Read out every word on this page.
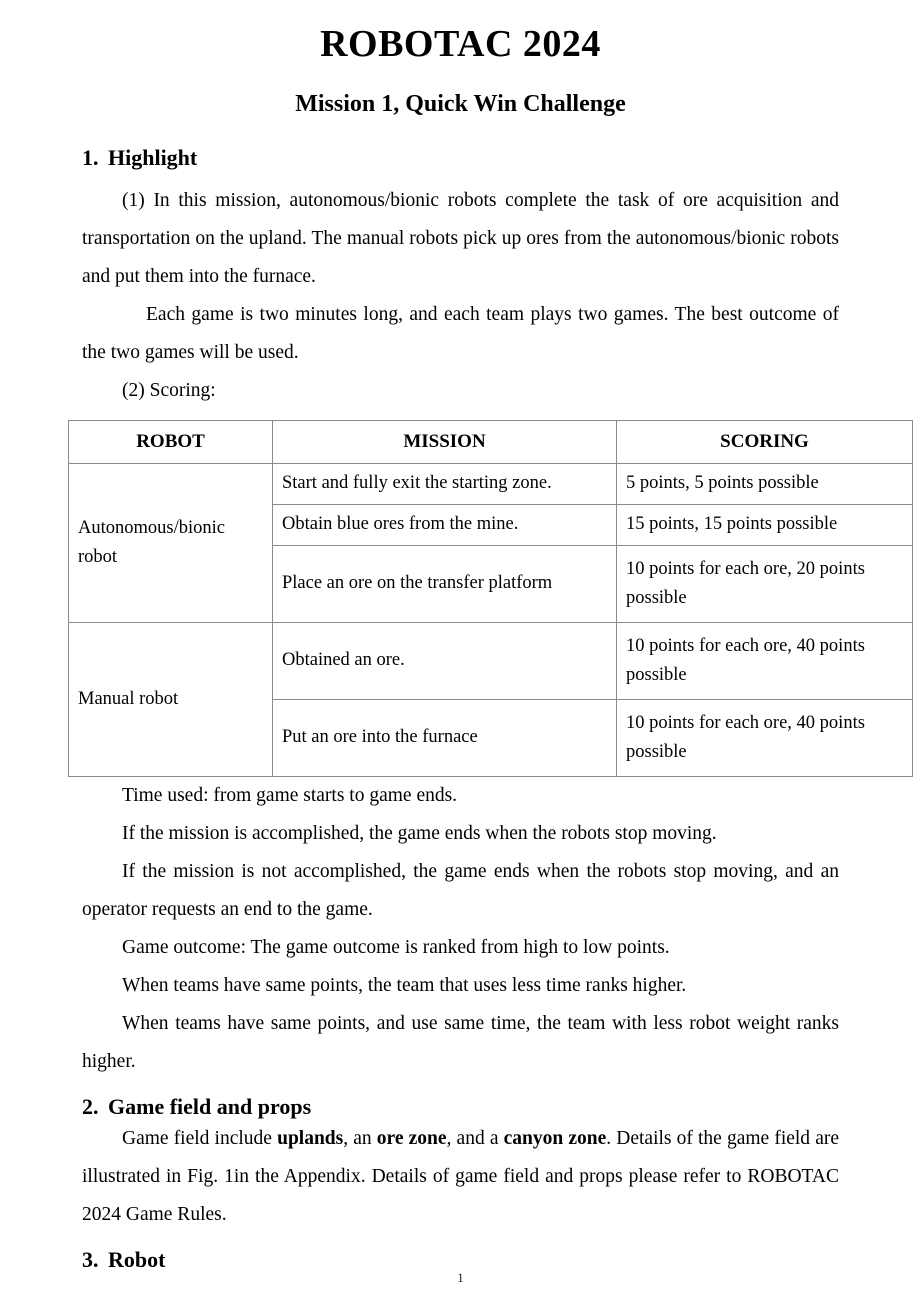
ROBOTAC 2024
Mission 1, Quick Win Challenge
1. Highlight

(1) In this mission, autonomous/bionic robots complete the task of ore acquisition and transportation on the upland. The manual robots pick up ores from the autonomous/bionic robots and put them into the furnace.

Each game is two minutes long, and each team plays two games. The best outcome of the two games will be used.

(2) Scoring:

ROBOT	MISSION	SCORING
Autonomous/bionic robot	Start and fully exit the starting zone.	5 points, 5 points possible
	Obtain blue ores from the mine.	15 points, 15 points possible
	Place an ore on the transfer platform	10 points for each ore, 20 points possible
Manual robot	Obtained an ore.	10 points for each ore, 40 points possible
	Put an ore into the furnace	10 points for each ore, 40 points possible

Time used: from game starts to game ends.

If the mission is accomplished, the game ends when the robots stop moving.

If the mission is not accomplished, the game ends when the robots stop moving, and an operator requests an end to the game.

Game outcome: The game outcome is ranked from high to low points.

When teams have same points, the team that uses less time ranks higher.

When teams have same points, and use same time, the team with less robot weight ranks higher.

2. Game field and props

Game field include uplands, an ore zone, and a canyon zone. Details of the game field are illustrated in Fig. 1in the Appendix. Details of game field and props please refer to ROBOTAC 2024 Game Rules.

3. Robot
1
